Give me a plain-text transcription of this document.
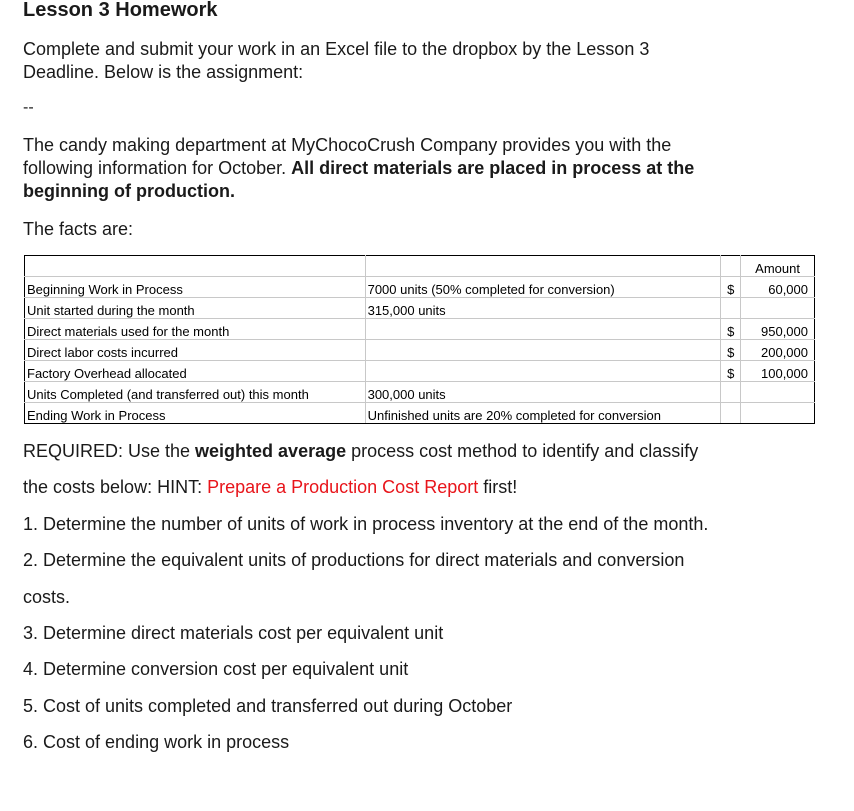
Lesson 3 Homework

Complete and submit your work in an Excel file to the dropbox by the Lesson 3
Deadline. Below is the assignment:

--

The candy making department at MyChocoCrush Company provides you with the
following information for October. All direct materials are placed in process at the
beginning of production.

The facts are:

			Amount
Beginning Work in Process	7000 units (50% completed for conversion)	$	60,000
Unit started during the month	315,000 units		
Direct materials used for the month		$	950,000
Direct labor costs incurred		$	200,000
Factory Overhead allocated		$	100,000
Units Completed (and transferred out) this month	300,000 units		
Ending Work in Process	Unfinished units are 20% completed for conversion		

REQUIRED: Use the weighted average process cost method to identify and classify

the costs below: HINT: Prepare a Production Cost Report first!

1. Determine the number of units of work in process inventory at the end of the month.

2. Determine the equivalent units of productions for direct materials and conversion

costs.

3. Determine direct materials cost per equivalent unit

4. Determine conversion cost per equivalent unit

5. Cost of units completed and transferred out during October

6. Cost of ending work in process
